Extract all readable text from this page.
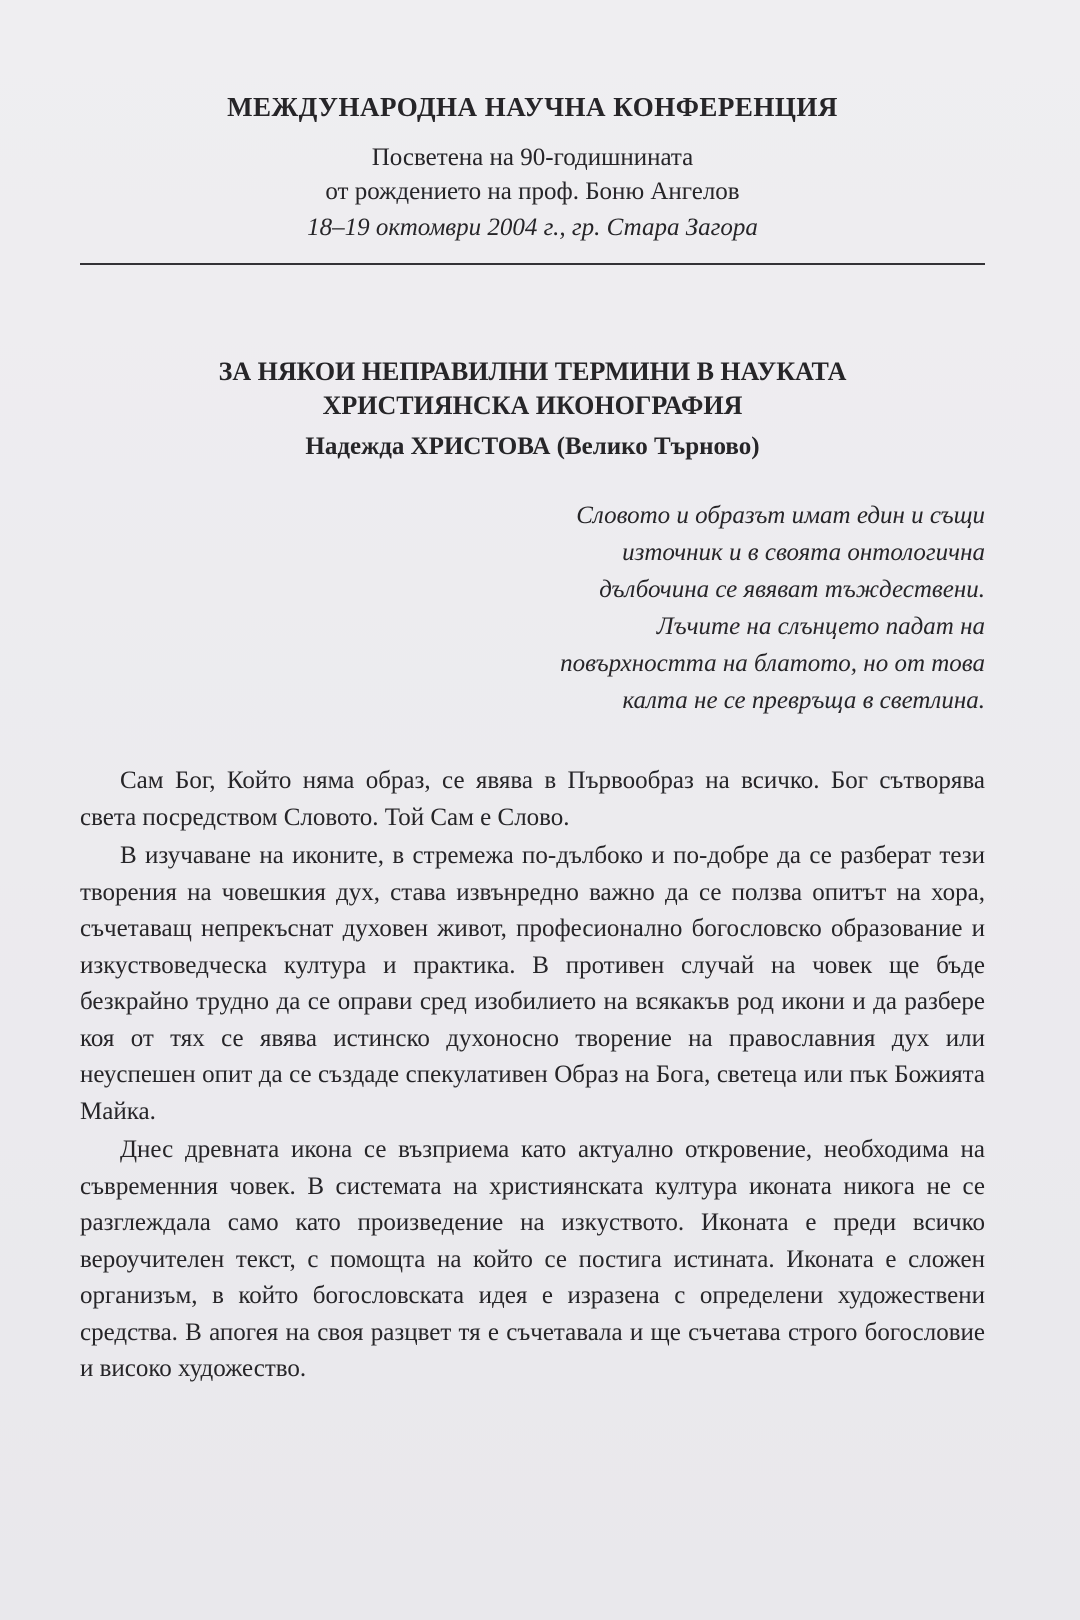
МЕЖДУНАРОДНА НАУЧНА КОНФЕРЕНЦИЯ
Посветена на 90-годишнината
от рождението на проф. Боню Ангелов
18–19 октомври 2004 г., гр. Стара Загора
ЗА НЯКОИ НЕПРАВИЛНИ ТЕРМИНИ В НАУКАТА
ХРИСТИЯНСКА ИКОНОГРАФИЯ
Надежда ХРИСТОВА (Велико Търново)
Словото и образът имат един и същи
източник и в своята онтологична
дълбочина се явяват тъждествени.
Лъчите на слънцето падат на
повърхността на блатото, но от това
калта не се превръща в светлина.

Сам Бог, Който няма образ, се явява в Първообраз на всичко. Бог сътворява света посредством Словото. Той Сам е Слово.

В изучаване на иконите, в стремежа по-дълбоко и по-добре да се разберат тези творения на човешкия дух, става извънредно важно да се ползва опитът на хора, съчетаващ непрекъснат духовен живот, професионално богословско образование и изкуствоведческа култура и практика. В противен случай на човек ще бъде безкрайно трудно да се оправи сред изобилието на всякакъв род икони и да разбере коя от тях се явява истинско духоносно творение на православния дух или неуспешен опит да се създаде спекулативен Образ на Бога, светеца или пък Божията Майка.

Днес древната икона се възприема като актуално откровение, необходима на съвременния човек. В системата на християнската култура иконата никога не се разглеждала само като произведение на изкуството. Иконата е преди всичко вероучителен текст, с помощта на който се постига истината. Иконата е сложен организъм, в който богословската идея е изразена с определени художествени средства. В апогея на своя разцвет тя е съчетавала и ще съчетава строго богословие и високо художество.
